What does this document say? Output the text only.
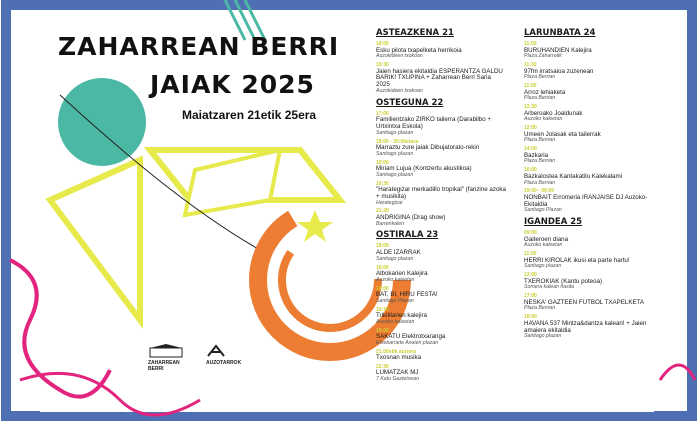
ZAHARREAN BERRI
JAIAK 2025
Maiatzaren 21etik 25era
ZAHARREAN BERRI
AUZOTARROK
ASTEAZKENA 21
18:00
Esku pilota txapelketa herrikoia
Auzokideen txokoan
19:30
Jaien hasiera ekitaldia ESPERANTZA GALDU BARIK! TXUPINA + Zaharrean Berri Saria 2025
Auzokideen txokoan
OSTEGUNA 22
17:00
Familientzako ZIRKO tailerra (Darabilbo + Urtxintxa Eskola)
Santiago plazan
18:00 - 20:00etara
Marraztu zure jaiak Dibujatorato-rekin
Santiago plazan
19:00
Miriam Lujua (Kontzertu akustikoa)
Santiago plazan
19:30
"Harategizar merkadillo tropikal" (fanzine azoka + musikita)
Harategizar
21:30
ANDRIGINA (Drag show)
Barrenkalen
OSTIRALA 23
18:00
ALDE IZARRAK
Santiago plazan
18:00
Albokarien Kalejira
Auzoko kaleetan
19:00
BAT, BI, HIRU FESTA!
Santiago Plazan
19:30
Trikitilarien kalejira
Auzoko kaleetan
19:00
SAKATU Elektrotxaranga
Etxebarriete Anaien plazan
21:00etik aurrera
Txosnan musika
22:30
LUMATZAK MJ
7 Katu Gaztetxean
LARUNBATA 24
11:00
BURUHANDIEN Kalejira
Plaza Zaharretik
11:30
97fm irratsaioa zuzenean
Plaza Berrian
11:00
Arroz lehiaketa
Plaza Berrian
12:30
Arberoako Joaldunak
Auzoko kaleetan
12:00
Umeen Jolasak eta tailerrak
Plaza Berrian
14:00
Bazkaria
Plaza Berrian
16:00
Bazkalostea Kantakatilu Kalekalami
Plaza Berrian
19:00 - 00:00
NONBAIT Erromeria IRANJAISE DJ Auzoko-Ekitaldia
Santiago Plazan
IGANDEA 25
09:00
Gaiteroen diana
Auzoko kaleetan
11:00
HERRI KIROLAK ikusi eta parte hartu!
Santiago plazan
12:00
TXEROKIAK (Kantu poteoa)
Somera kalean hasita
17:00
NESKA' GAZTEEN FUTBOL TXAPELKETA
Plaza Berrian
18:00
HAVANA 537 Mintza&dantza kalean! + Jaien amaiera ekitaldia
Santiago plazan
